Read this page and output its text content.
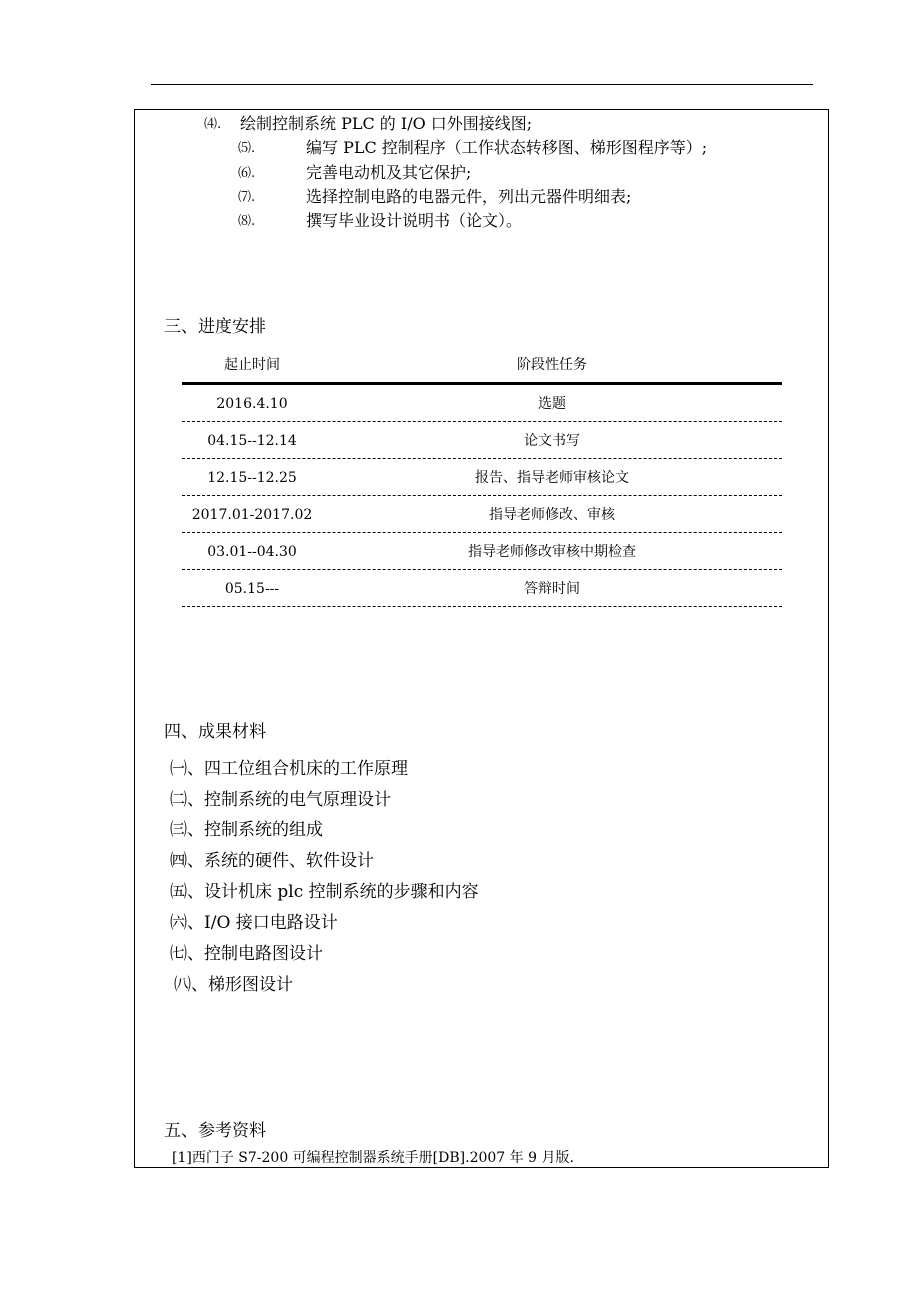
⑷. 绘制控制系统 PLC 的 I/O 口外围接线图;
⑸.	编写 PLC 控制程序（工作状态转移图、梯形图程序等）;
⑹.	完善电动机及其它保护;
⑺.	选择控制电路的电器元件，列出元器件明细表;
⑻.	撰写毕业设计说明书（论文）。
三、进度安排
起止时间	阶段性任务
2016.4.10	选题
04.15--12.14	论文书写
12.15--12.25	报告、指导老师审核论文
2017.01-2017.02	指导老师修改、审核
03.01--04.30	指导老师修改审核中期检查
05.15---	答辩时间
四、成果材料
㈠、四工位组合机床的工作原理
㈡、控制系统的电气原理设计
㈢、控制系统的组成
㈣、系统的硬件、软件设计
㈤、设计机床 plc 控制系统的步骤和内容
㈥、I/O 接口电路设计
㈦、控制电路图设计
㈧、梯形图设计
五、参考资料
[1]西门子 S7-200 可编程控制器系统手册[DB].2007 年 9 月版.
